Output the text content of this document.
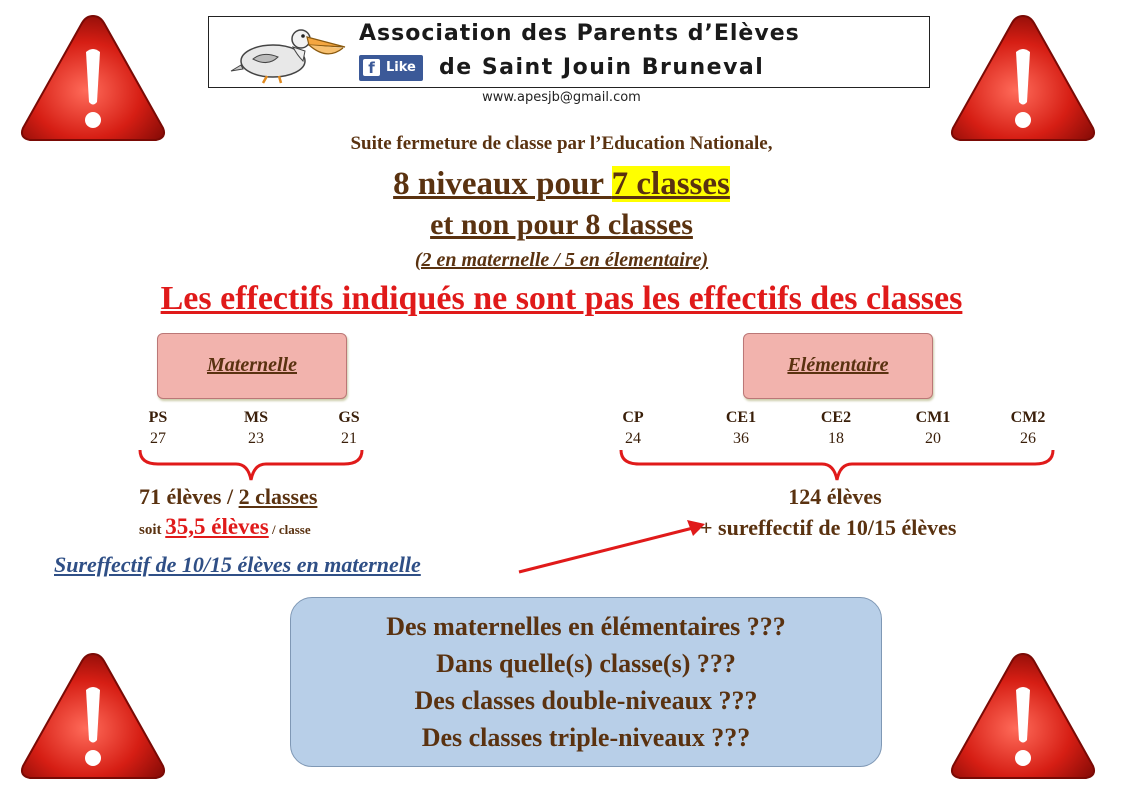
Association des Parents d’Elèves
f Like de Saint Jouin Bruneval
www.apesjb@gmail.com
Suite fermeture de classe par l’Education Nationale,
8 niveaux pour 7 classes
et non pour 8 classes
(2 en maternelle / 5 en élementaire)
Les effectifs indiqués ne sont pas les effectifs des classes
Maternelle
PS
27
MS
23
GS
21
71 élèves / 2 classes
soit 35,5 élèves / classe
Sureffectif de 10/15 élèves en maternelle
Elémentaire
CP
24
CE1
36
CE2
18
CM1
20
CM2
26
124 élèves
+ sureffectif de 10/15 élèves
Des maternelles en élémentaires ???
Dans quelle(s) classe(s) ???
Des classes double-niveaux ???
Des classes triple-niveaux ???
